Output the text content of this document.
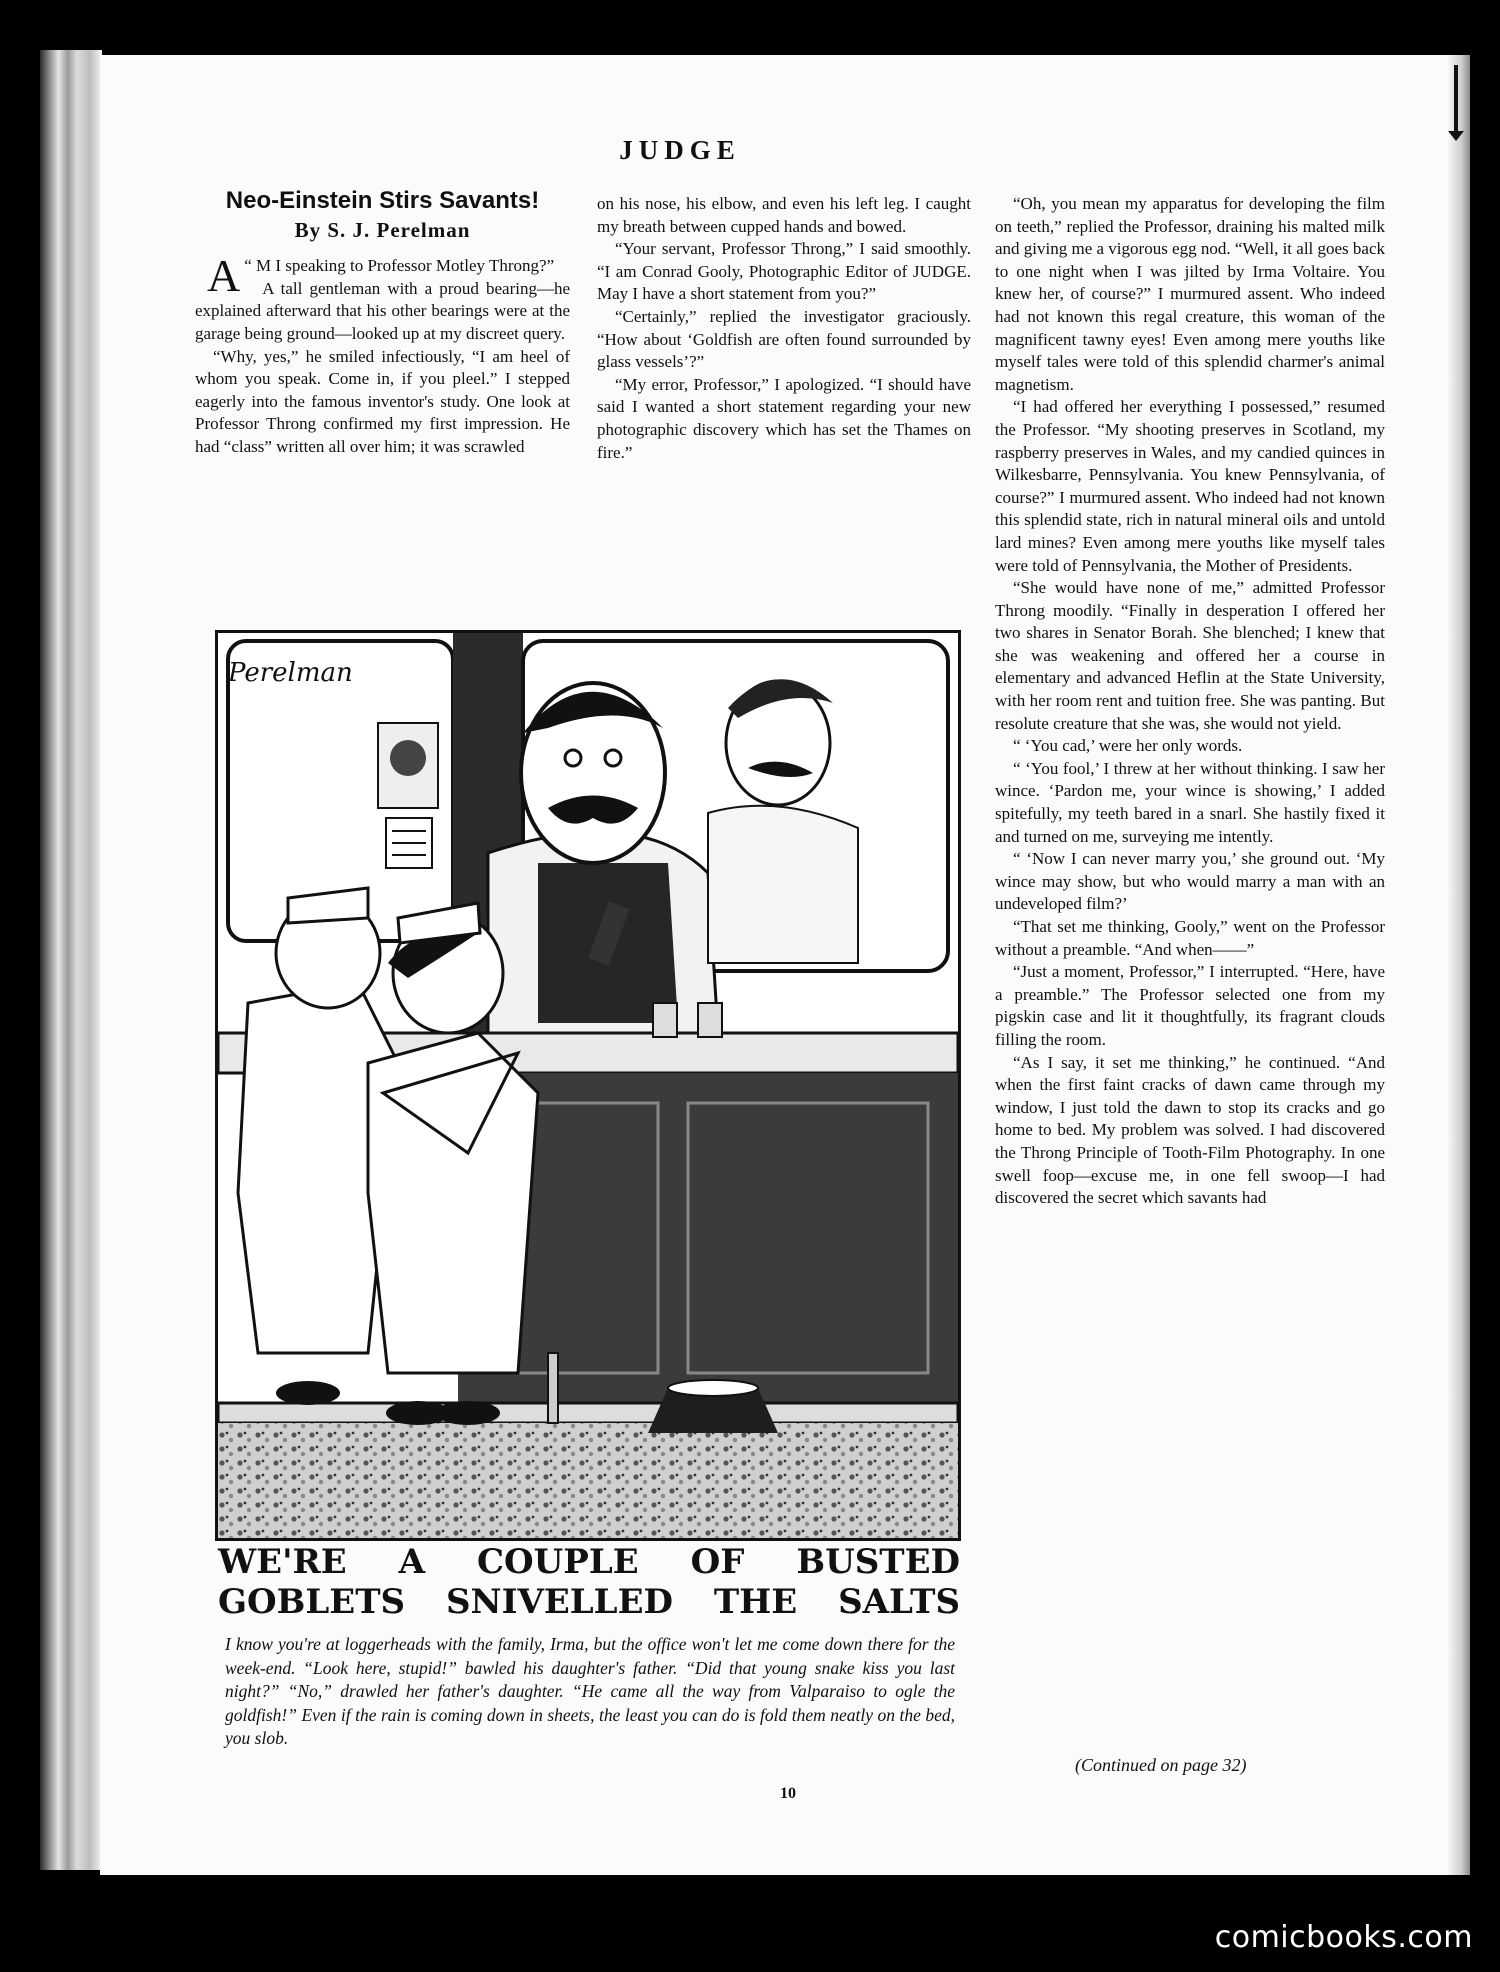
JUDGE
Neo-Einstein Stirs Savants!
By S. J. Perelman

A “ M I speaking to Professor Motley Throng?”

A tall gentleman with a proud bearing—he explained afterward that his other bearings were at the garage being ground—looked up at my discreet query.

“Why, yes,” he smiled infectiously, “I am heel of whom you speak. Come in, if you pleel.” I stepped eagerly into the famous inventor's study. One look at Professor Throng confirmed my first impression. He had “class” written all over him; it was scrawled

on his nose, his elbow, and even his left leg. I caught my breath between cupped hands and bowed.

“Your servant, Professor Throng,” I said smoothly. “I am Conrad Gooly, Photographic Editor of JUDGE. May I have a short statement from you?”

“Certainly,” replied the investigator graciously. “How about ‘Goldfish are often found surrounded by glass vessels’?”

“My error, Professor,” I apologized. “I should have said I wanted a short statement regarding your new photographic discovery which has set the Thames on fire.”

“Oh, you mean my apparatus for developing the film on teeth,” replied the Professor, draining his malted milk and giving me a vigorous egg nod. “Well, it all goes back to one night when I was jilted by Irma Voltaire. You knew her, of course?” I murmured assent. Who indeed had not known this regal creature, this woman of the magnificent tawny eyes! Even among mere youths like myself tales were told of this splendid charmer's animal magnetism.

“I had offered her everything I possessed,” resumed the Professor. “My shooting preserves in Scotland, my raspberry preserves in Wales, and my candied quinces in Wilkesbarre, Pennsylvania. You knew Pennsylvania, of course?” I murmured assent. Who indeed had not known this splendid state, rich in natural mineral oils and untold lard mines? Even among mere youths like myself tales were told of Pennsylvania, the Mother of Presidents.

“She would have none of me,” admitted Professor Throng moodily. “Finally in desperation I offered her two shares in Senator Borah. She blenched; I knew that she was weakening and offered her a course in elementary and advanced Heflin at the State University, with her room rent and tuition free. She was panting. But resolute creature that she was, she would not yield.

“ ‘You cad,’ were her only words.

“ ‘You fool,’ I threw at her without thinking. I saw her wince. ‘Pardon me, your wince is showing,’ I added spitefully, my teeth bared in a snarl. She hastily fixed it and turned on me, surveying me intently.

“ ‘Now I can never marry you,’ she ground out. ‘My wince may show, but who would marry a man with an undeveloped film?’

“That set me thinking, Gooly,” went on the Professor without a preamble. “And when——”

“Just a moment, Professor,” I interrupted. “Here, have a preamble.” The Professor selected one from my pigskin case and lit it thoughtfully, its fragrant clouds filling the room.

“As I say, it set me thinking,” he continued. “And when the first faint cracks of dawn came through my window, I just told the dawn to stop its cracks and go home to bed. My problem was solved. I had discovered the Throng Principle of Tooth-Film Photography. In one swell foop—excuse me, in one fell swoop—I had discovered the secret which savants had

(Continued on page 32)
Perelman
WE'RE A COUPLE OF BUSTED
GOBLETS SNIVELLED THE SALTS

I know you're at loggerheads with the family, Irma, but the office won't let me come down there for the week-end. “Look here, stupid!” bawled his daughter's father. “Did that young snake kiss you last night?” “No,” drawled her father's daughter. “He came all the way from Valparaiso to ogle the goldfish!” Even if the rain is coming down in sheets, the least you can do is fold them neatly on the bed, you slob.

10
comicbooks.com
